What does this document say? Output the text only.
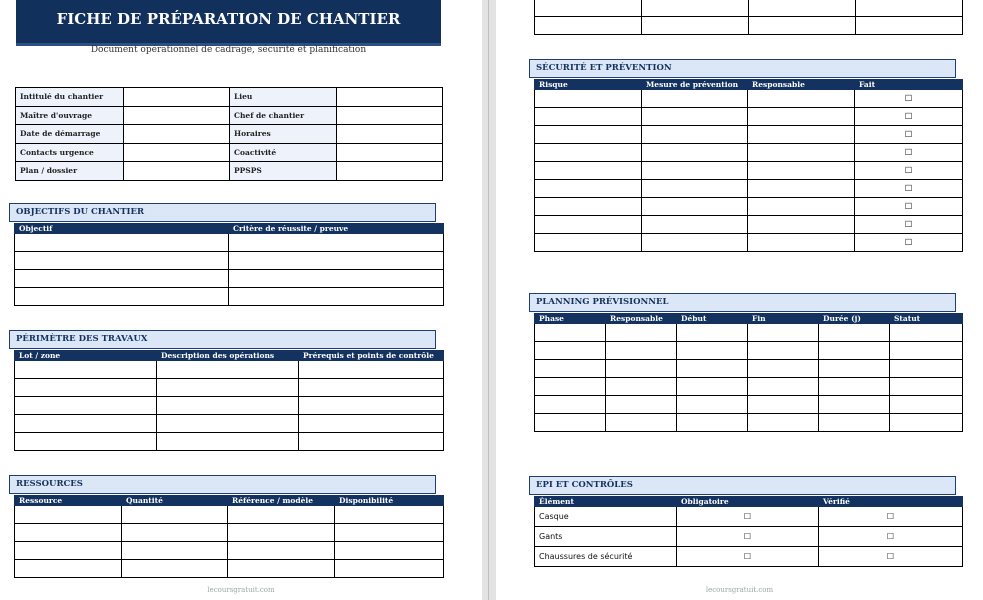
FICHE DE PRÉPARATION DE CHANTIER
Document opérationnel de cadrage, sécurité et planification
Intitulé du chantier		Lieu	
Maître d'ouvrage		Chef de chantier	
Date de démarrage		Horaires	
Contacts urgence		Coactivité	
Plan / dossier		PPSPS	
OBJECTIFS DU CHANTIER
Objectif	Critère de réussite / preuve

PÉRIMÈTRE DES TRAVAUX
Lot / zone	Description des opérations	Prérequis et points de contrôle

RESSOURCES
Ressource	Quantité	Référence / modèle	Disponibilité

lecoursgratuit.com

SÉCURITÉ ET PRÉVENTION
Risque	Mesure de prévention	Responsable	Fait
			☐
			☐
			☐
			☐
			☐
			☐
			☐
			☐
			☐
PLANNING PRÉVISIONNEL
Phase	Responsable	Début	Fin	Durée (j)	Statut

EPI ET CONTRÔLES
Élément	Obligatoire	Vérifié
Casque	☐	☐
Gants	☐	☐
Chaussures de sécurité	☐	☐
lecoursgratuit.com
